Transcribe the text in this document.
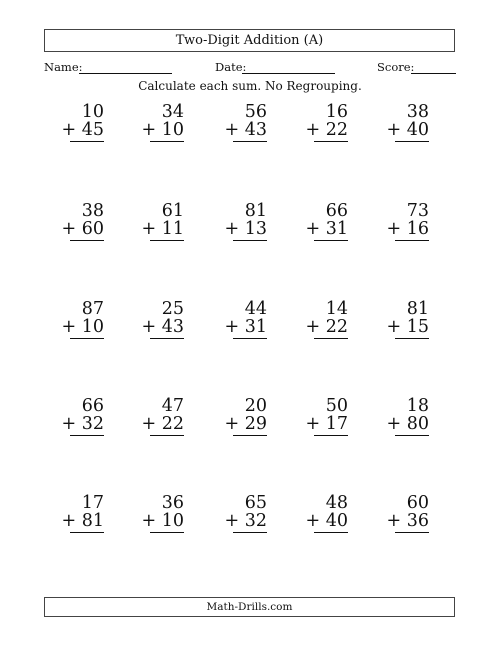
Two-Digit Addition (A)
Name:	Date:	Score:
Calculate each sum. No Regrouping.
10
+ 45
34
+ 10
56
+ 43
16
+ 22
38
+ 40
38
+ 60
61
+ 11
81
+ 13
66
+ 31
73
+ 16
87
+ 10
25
+ 43
44
+ 31
14
+ 22
81
+ 15
66
+ 32
47
+ 22
20
+ 29
50
+ 17
18
+ 80
17
+ 81
36
+ 10
65
+ 32
48
+ 40
60
+ 36
Math-Drills.com
